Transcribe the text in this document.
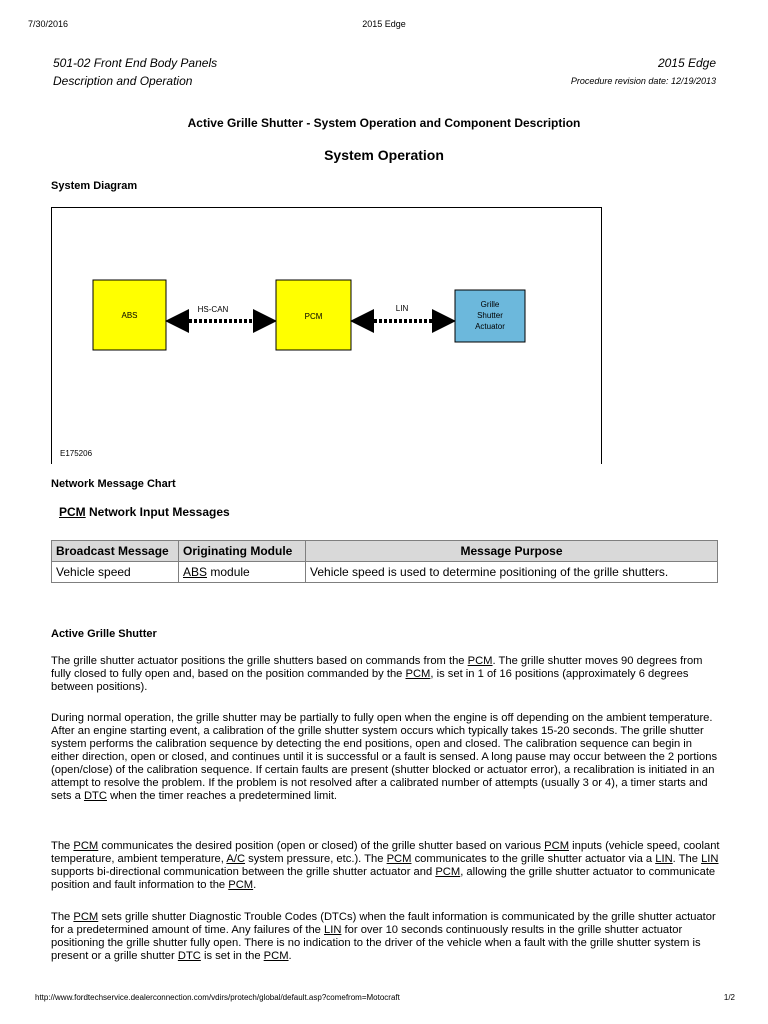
7/30/2016	2015 Edge
501-02 Front End Body Panels
Description and Operation
2015 Edge
Procedure revision date: 12/19/2013
Active Grille Shutter - System Operation and Component Description
System Operation
System Diagram
ABS
HS-CAN
PCM
LIN	Grille
Shutter
Actuator
E175206
Network Message Chart
PCM Network Input Messages
Broadcast Message	Originating Module	Message Purpose
Vehicle speed	ABS module	Vehicle speed is used to determine positioning of the grille shutters.
Active Grille Shutter
The grille shutter actuator positions the grille shutters based on commands from the PCM. The grille shutter moves 90 degrees from fully closed to fully open and, based on the position commanded by the PCM, is set in 1 of 16 positions (approximately 6 degrees between positions).
During normal operation, the grille shutter may be partially to fully open when the engine is off depending on the ambient temperature. After an engine starting event, a calibration of the grille shutter system occurs which typically takes 15-20 seconds. The grille shutter system performs the calibration sequence by detecting the end positions, open and closed. The calibration sequence can begin in either direction, open or closed, and continues until it is successful or a fault is sensed. A long pause may occur between the 2 portions (open/close) of the calibration sequence. If certain faults are present (shutter blocked or actuator error), a recalibration is initiated in an attempt to resolve the problem. If the problem is not resolved after a calibrated number of attempts (usually 3 or 4), a timer starts and sets a DTC when the timer reaches a predetermined limit.
The PCM communicates the desired position (open or closed) of the grille shutter based on various PCM inputs (vehicle speed, coolant temperature, ambient temperature, A/C system pressure, etc.). The PCM communicates to the grille shutter actuator via a LIN. The LIN supports bi-directional communication between the grille shutter actuator and PCM, allowing the grille shutter actuator to communicate position and fault information to the PCM.
The PCM sets grille shutter Diagnostic Trouble Codes (DTCs) when the fault information is communicated by the grille shutter actuator for a predetermined amount of time. Any failures of the LIN for over 10 seconds continuously results in the grille shutter actuator positioning the grille shutter fully open. There is no indication to the driver of the vehicle when a fault with the grille shutter system is present or a grille shutter DTC is set in the PCM.
http://www.fordtechservice.dealerconnection.com/vdirs/protech/global/default.asp?comefrom=Motocraft	1/2
